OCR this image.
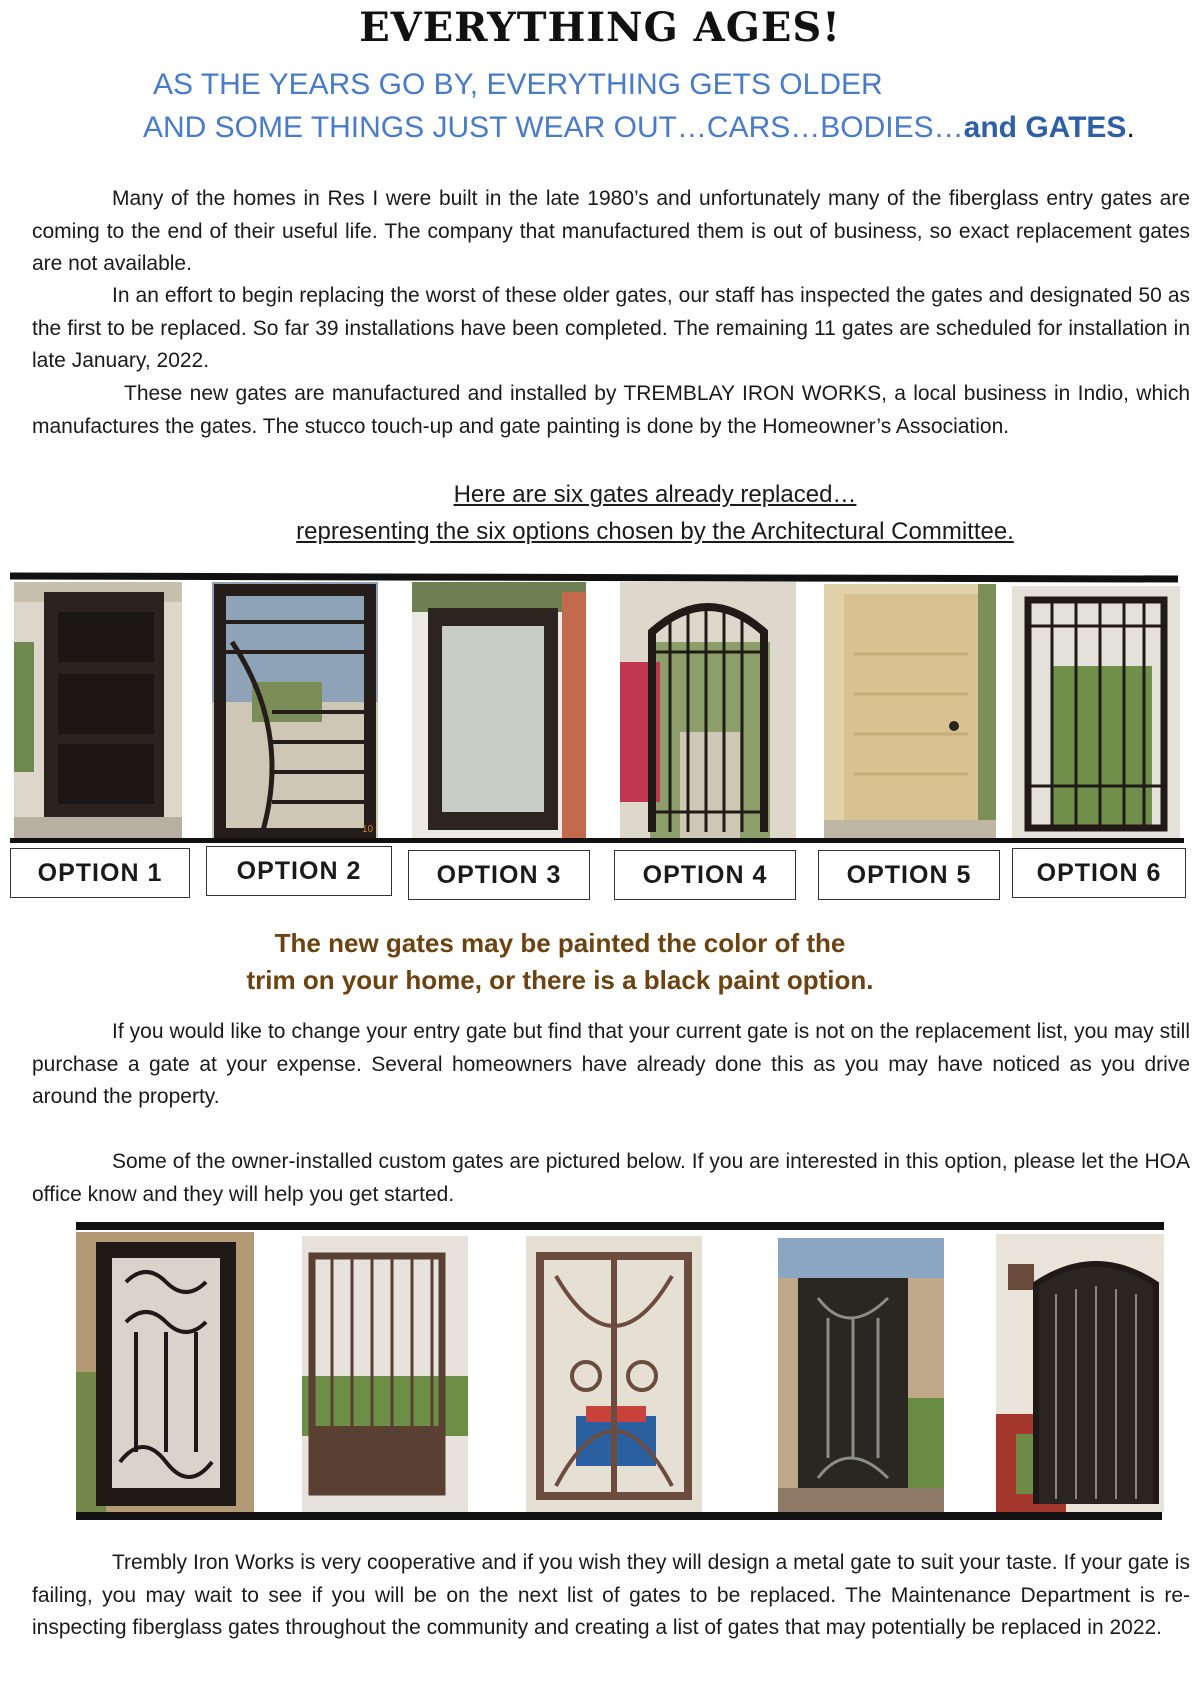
EVERYTHING AGES!
AS THE YEARS GO BY, EVERYTHING GETS OLDER
AND SOME THINGS JUST WEAR OUT…CARS…BODIES…and GATES.

Many of the homes in Res I were built in the late 1980’s and unfortunately many of the fiberglass entry gates are coming to the end of their useful life. The company that manufactured them is out of business, so exact replacement gates are not available.

In an effort to begin replacing the worst of these older gates, our staff has inspected the gates and designated 50 as the first to be replaced. So far 39 installations have been completed. The remaining 11 gates are scheduled for installation in late January, 2022.

These new gates are manufactured and installed by TREMBLAY IRON WORKS, a local business in Indio, which manufactures the gates. The stucco touch-up and gate painting is done by the Homeowner’s Association.

Here are six gates already replaced…
representing the six options chosen by the Architectural Committee.
10
OPTION 1	OPTION 2	OPTION 3	OPTION 4	OPTION 5	OPTION 6
The new gates may be painted the color of the
trim on your home, or there is a black paint option.

If you would like to change your entry gate but find that your current gate is not on the replacement list, you may still purchase a gate at your expense. Several homeowners have already done this as you may have noticed as you drive around the property.

Some of the owner-installed custom gates are pictured below. If you are interested in this option, please let the HOA office know and they will help you get started.

Trembly Iron Works is very cooperative and if you wish they will design a metal gate to suit your taste. If your gate is failing, you may wait to see if you will be on the next list of gates to be replaced. The Maintenance Department is re-inspecting fiberglass gates throughout the community and creating a list of gates that may potentially be replaced in 2022.
